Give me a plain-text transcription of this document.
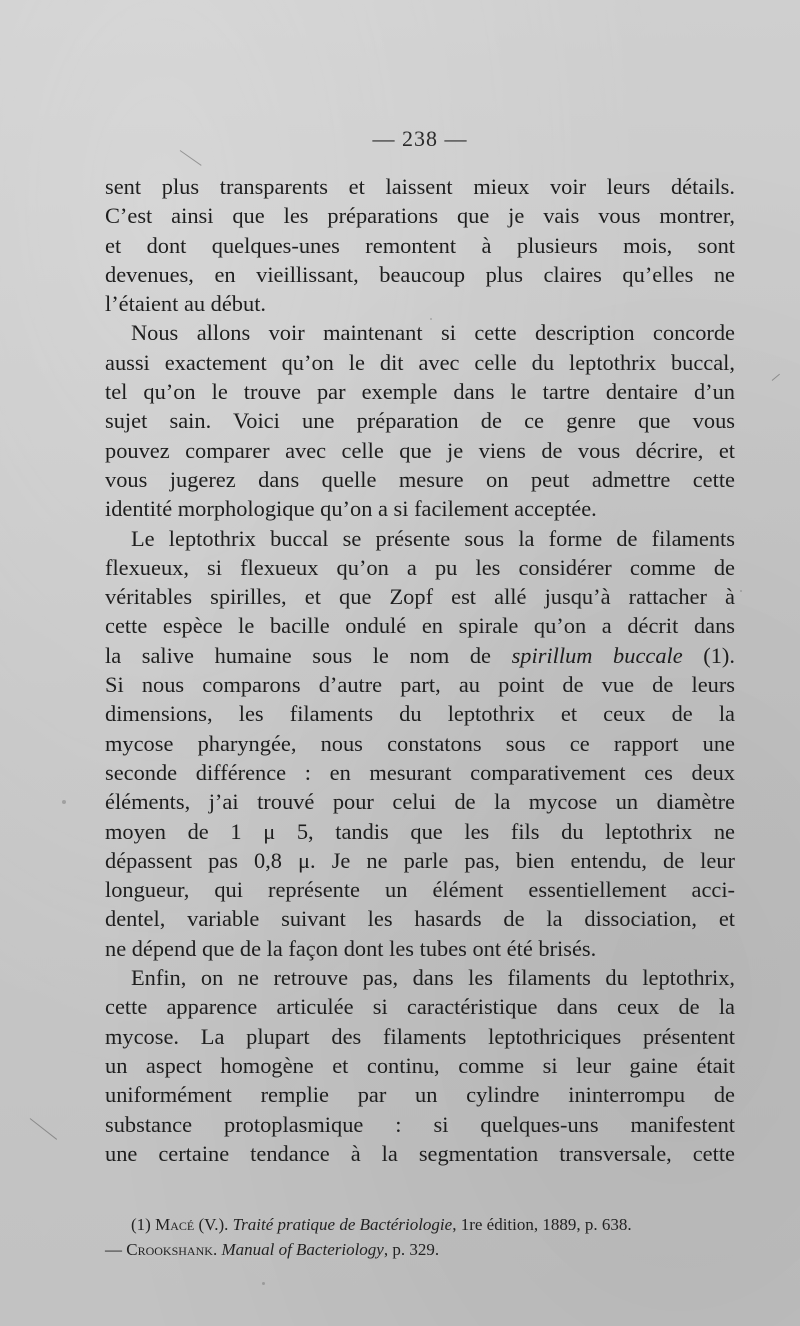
— 238 —
sent plus transparents et laissent mieux voir leurs détails.
C’est ainsi que les préparations que je vais vous montrer,
et dont quelques-unes remontent à plusieurs mois, sont
devenues, en vieillissant, beaucoup plus claires qu’elles ne
l’étaient au début.
Nous allons voir maintenant si cette description concorde
aussi exactement qu’on le dit avec celle du leptothrix buccal,
tel qu’on le trouve par exemple dans le tartre dentaire d’un
sujet sain. Voici une préparation de ce genre que vous
pouvez comparer avec celle que je viens de vous décrire, et
vous jugerez dans quelle mesure on peut admettre cette
identité morphologique qu’on a si facilement acceptée.
Le leptothrix buccal se présente sous la forme de filaments
flexueux, si flexueux qu’on a pu les considérer comme de
véritables spirilles, et que Zopf est allé jusqu’à rattacher à
cette espèce le bacille ondulé en spirale qu’on a décrit dans
la salive humaine sous le nom de spirillum buccale (1).
Si nous comparons d’autre part, au point de vue de leurs
dimensions, les filaments du leptothrix et ceux de la
mycose pharyngée, nous constatons sous ce rapport une
seconde différence : en mesurant comparativement ces deux
éléments, j’ai trouvé pour celui de la mycose un diamètre
moyen de 1 μ 5, tandis que les fils du leptothrix ne
dépassent pas 0,8 μ. Je ne parle pas, bien entendu, de leur
longueur, qui représente un élément essentiellement acci-
dentel, variable suivant les hasards de la dissociation, et
ne dépend que de la façon dont les tubes ont été brisés.
Enfin, on ne retrouve pas, dans les filaments du leptothrix,
cette apparence articulée si caractéristique dans ceux de la
mycose. La plupart des filaments leptothriciques présentent
un aspect homogène et continu, comme si leur gaine était
uniformément remplie par un cylindre ininterrompu de
substance protoplasmique : si quelques-uns manifestent
une certaine tendance à la segmentation transversale, cette
(1) Macé (V.). Traité pratique de Bactériologie, 1re édition, 1889, p. 638.
— Crookshank. Manual of Bacteriology, p. 329.
